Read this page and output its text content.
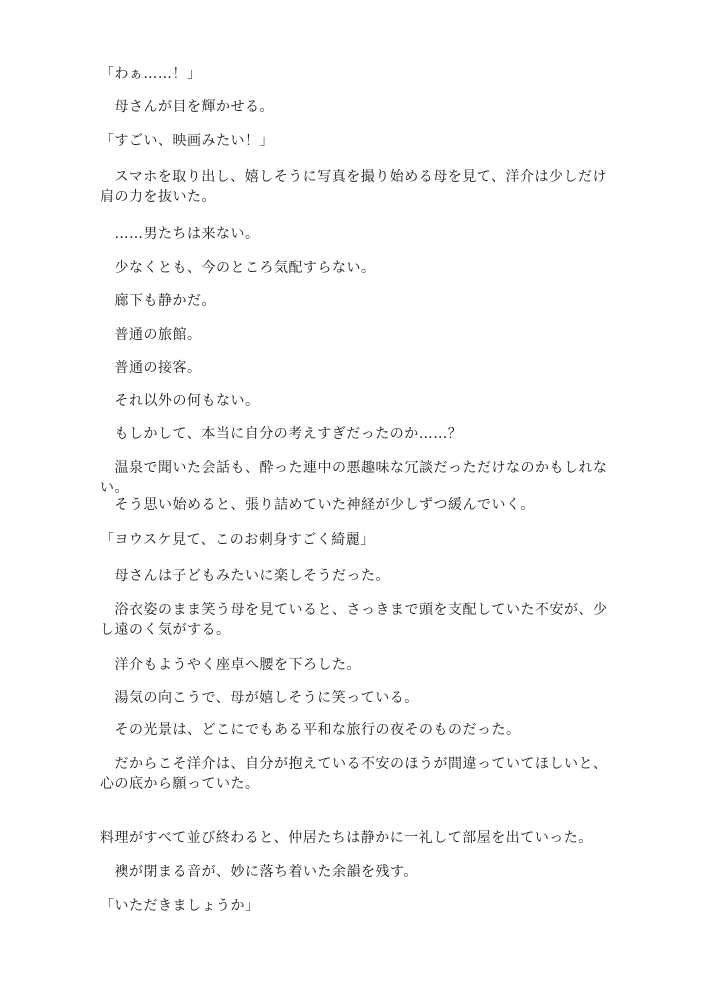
「わぁ……！」

　母さんが目を輝かせる。

「すごい、映画みたい！」

　スマホを取り出し、嬉しそうに写真を撮り始める母を見て、洋介は少しだけ肩の力を抜いた。

　……男たちは来ない。

　少なくとも、今のところ気配すらない。

　廊下も静かだ。

　普通の旅館。

　普通の接客。

　それ以外の何もない。

　もしかして、本当に自分の考えすぎだったのか……？

　温泉で聞いた会話も、酔った連中の悪趣味な冗談だっただけなのかもしれない。

　そう思い始めると、張り詰めていた神経が少しずつ緩んでいく。

「ヨウスケ見て、このお刺身すごく綺麗」

　母さんは子どもみたいに楽しそうだった。

　浴衣姿のまま笑う母を見ていると、さっきまで頭を支配していた不安が、少し遠のく気がする。

　洋介もようやく座卓へ腰を下ろした。

　湯気の向こうで、母が嬉しそうに笑っている。

　その光景は、どこにでもある平和な旅行の夜そのものだった。

　だからこそ洋介は、自分が抱えている不安のほうが間違っていてほしいと、心の底から願っていた。

料理がすべて並び終わると、仲居たちは静かに一礼して部屋を出ていった。

　襖が閉まる音が、妙に落ち着いた余韻を残す。

「いただきましょうか」
